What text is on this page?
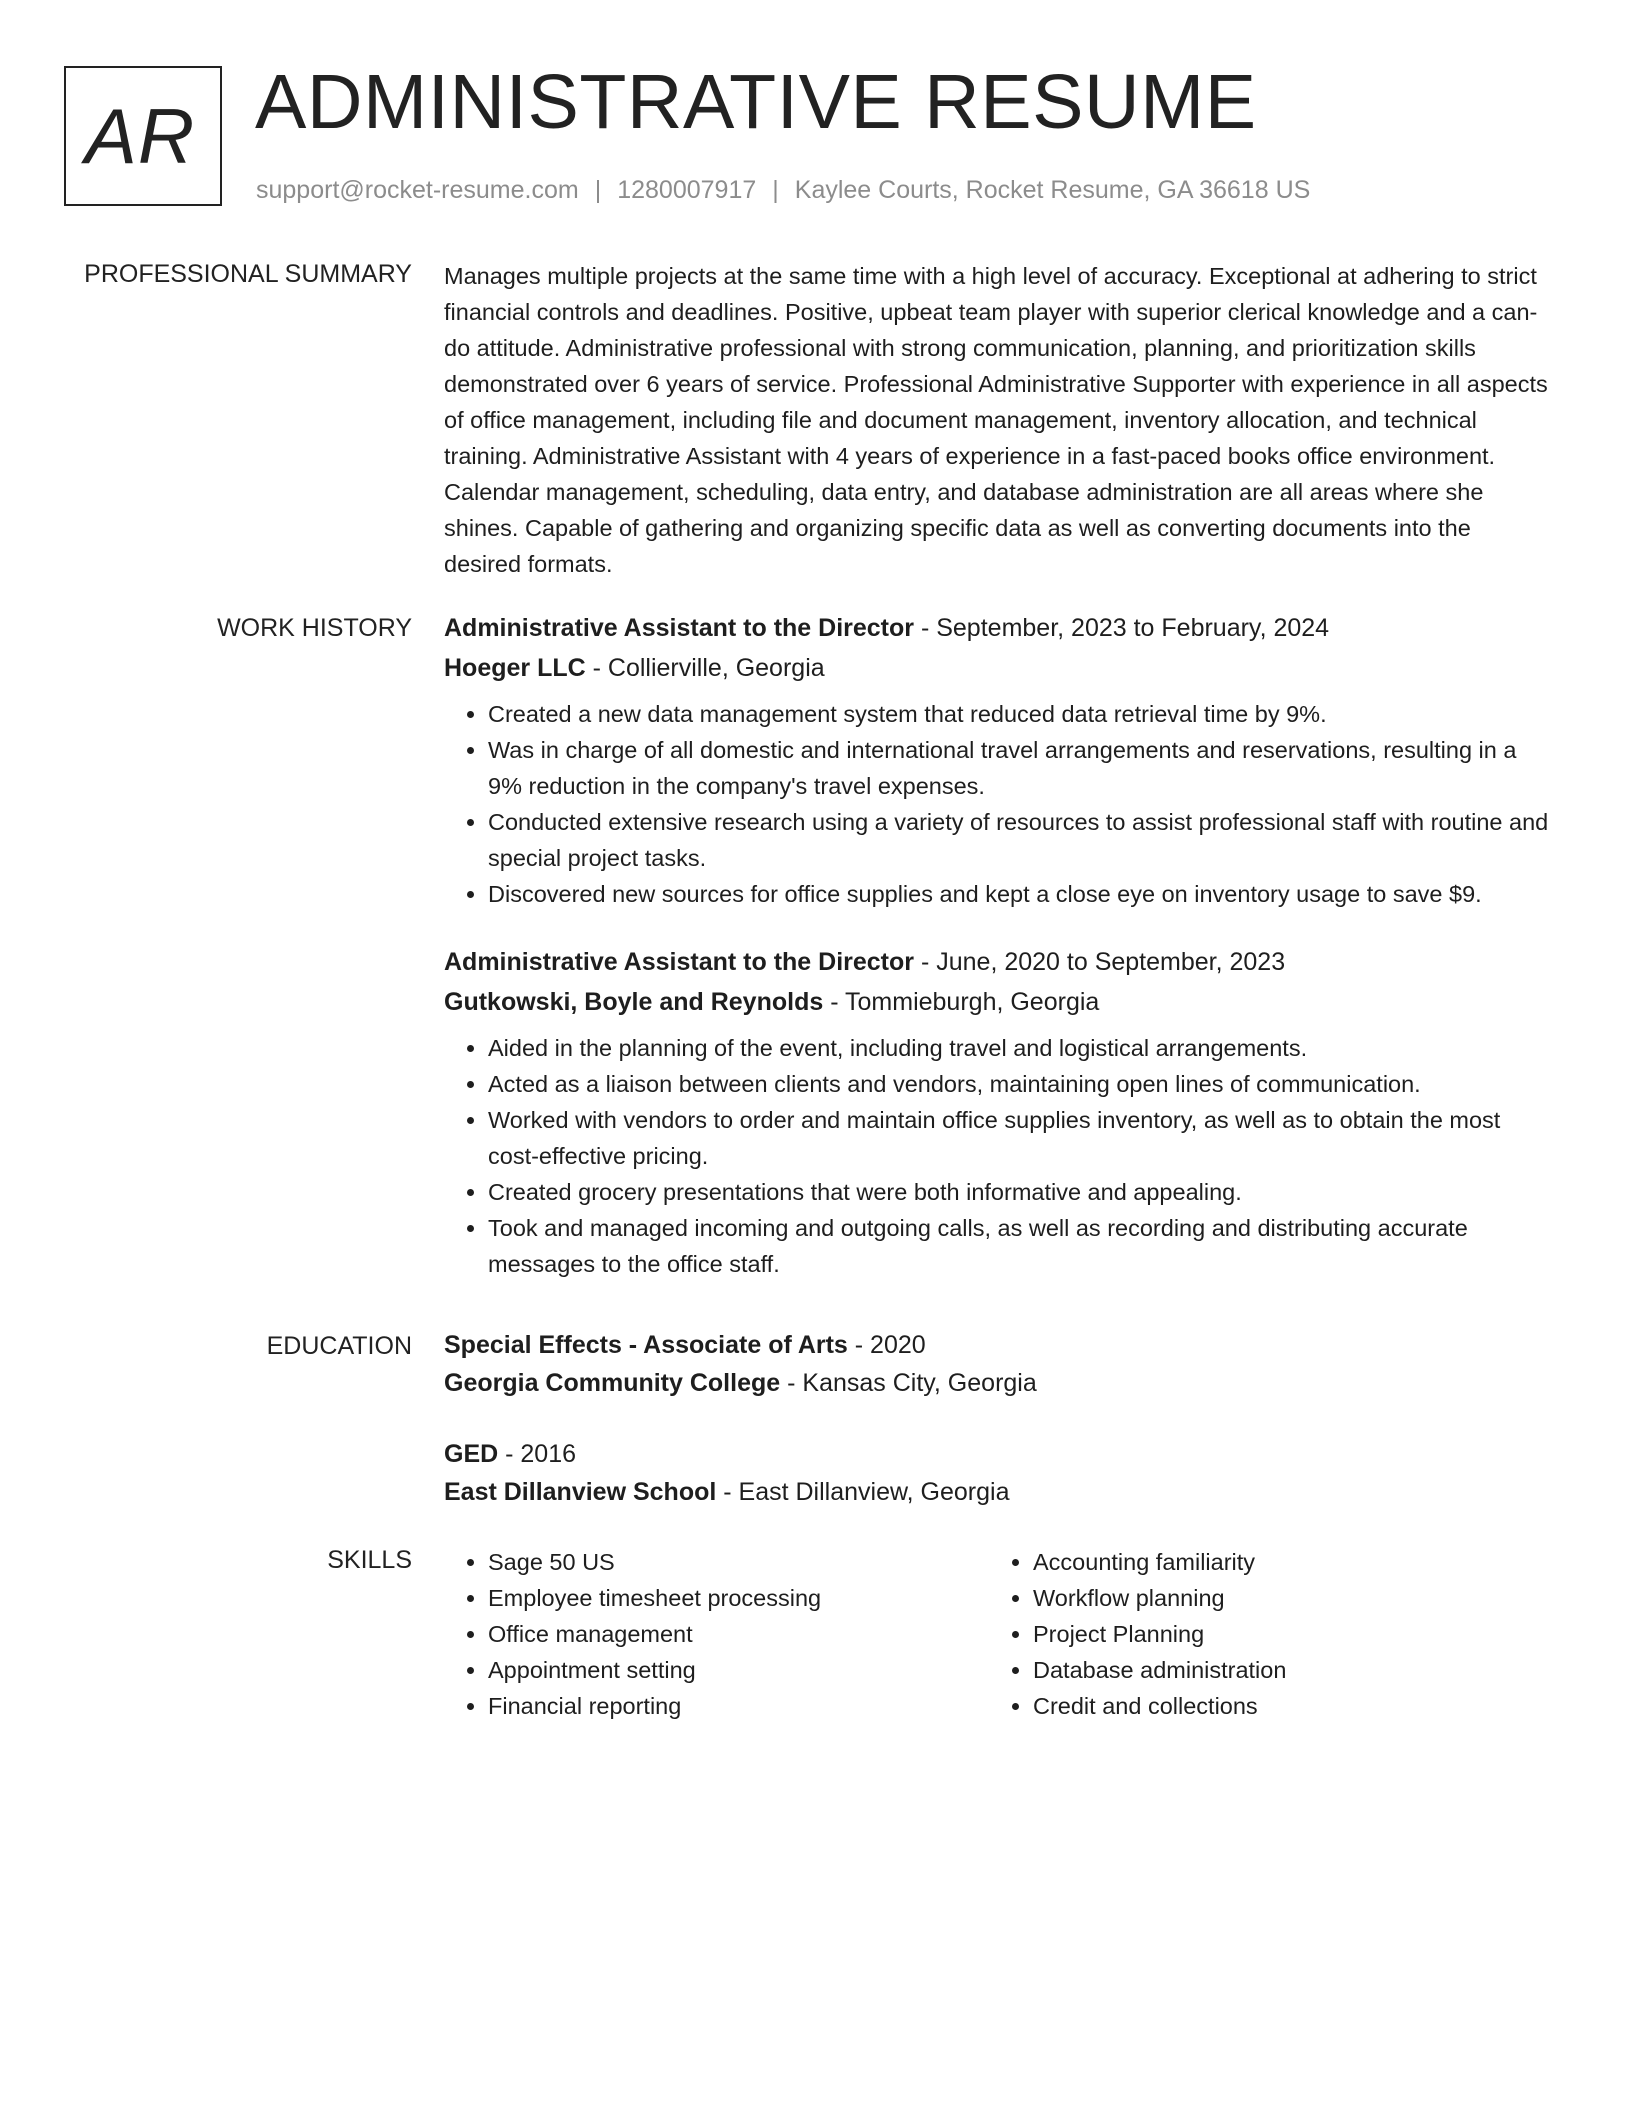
AR ADMINISTRATIVE RESUME
support@rocket-resume.com | 1280007917 | Kaylee Courts, Rocket Resume, GA 36618 US
PROFESSIONAL SUMMARY Manages multiple projects at the same time with a high level of accuracy. Exceptional at adhering to strict financial controls and deadlines. Positive, upbeat team player with superior clerical knowledge and a can-do attitude. Administrative professional with strong communication, planning, and prioritization skills demonstrated over 6 years of service. Professional Administrative Supporter with experience in all aspects of office management, including file and document management, inventory allocation, and technical training. Administrative Assistant with 4 years of experience in a fast-paced books office environment. Calendar management, scheduling, data entry, and database administration are all areas where she shines. Capable of gathering and organizing specific data as well as converting documents into the desired formats.
WORK HISTORY Administrative Assistant to the Director - September, 2023 to February, 2024
Hoeger LLC - Collierville, Georgia
• Created a new data management system that reduced data retrieval time by 9%.
• Was in charge of all domestic and international travel arrangements and reservations, resulting in a 9% reduction in the company's travel expenses.
• Conducted extensive research using a variety of resources to assist professional staff with routine and special project tasks.
• Discovered new sources for office supplies and kept a close eye on inventory usage to save $9.
Administrative Assistant to the Director - June, 2020 to September, 2023
Gutkowski, Boyle and Reynolds - Tommieburgh, Georgia
• Aided in the planning of the event, including travel and logistical arrangements.
• Acted as a liaison between clients and vendors, maintaining open lines of communication.
• Worked with vendors to order and maintain office supplies inventory, as well as to obtain the most cost-effective pricing.
• Created grocery presentations that were both informative and appealing.
• Took and managed incoming and outgoing calls, as well as recording and distributing accurate messages to the office staff.
EDUCATION Special Effects - Associate of Arts - 2020
Georgia Community College - Kansas City, Georgia
GED - 2016
East Dillanview School - East Dillanview, Georgia
SKILLS
•	Sage 50 US
• Employee timesheet processing
• Office management
• Appointment setting
• Financial reporting
• Accounting familiarity
• Workflow planning
• Project Planning
• Database administration
• Credit and collections
